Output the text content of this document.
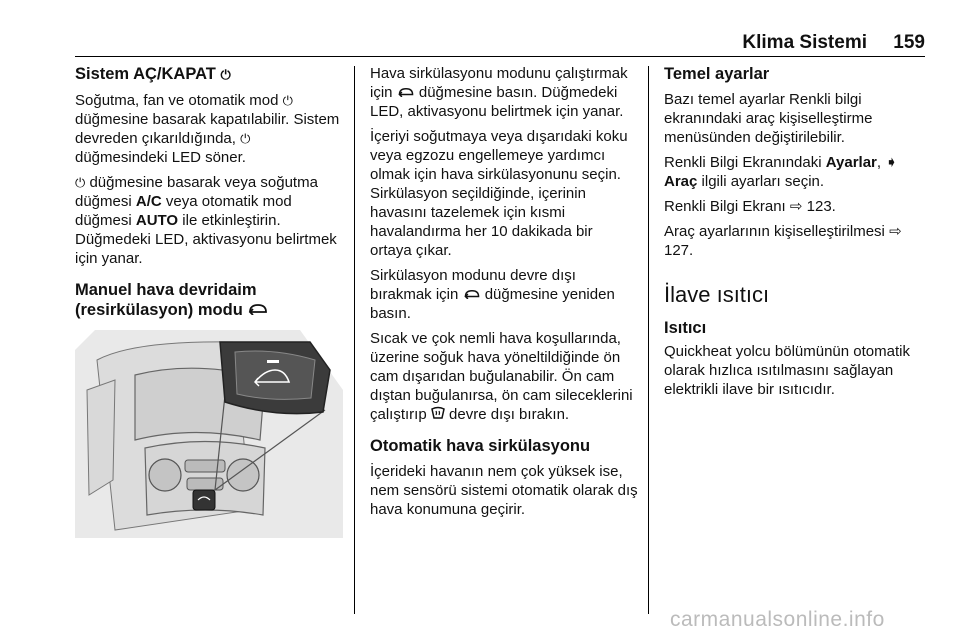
Klima Sistemi 159
Sistem AÇ/KAPAT ⏻

Soğutma, fan ve otomatik mod ⏻ düğmesine basarak kapatılabilir. Sistem devreden çıkarıldığında, ⏻ düğmesindeki LED söner.

⏻ düğmesine basarak veya soğutma düğmesi A/C veya otomatik mod düğmesi AUTO ile etkinleştirin. Düğmedeki LED, aktivasyonu belirtmek için yanar.

Manuel hava devridaim (resirkülasyon) modu

Hava sirkülasyonu modunu çalıştırmak için  düğmesine basın. Düğmedeki LED, aktivasyonu belirtmek için yanar.

İçeriyi soğutmaya veya dışarıdaki koku veya egzozu engellemeye yardımcı olmak için hava sirkülasyonunu seçin. Sirkülasyon seçildiğinde, içerinin havasını tazelemek için kısmi havalandırma her 10 dakikada bir ortaya çıkar.

Sirkülasyon modunu devre dışı bırakmak için  düğmesine yeniden basın.

Sıcak ve çok nemli hava koşullarında, üzerine soğuk hava yöneltildiğinde ön cam dışarıdan buğulanabilir. Ön cam dıştan buğulanırsa, ön cam sileceklerini çalıştırıp  devre dışı bırakın.

Otomatik hava sirkülasyonu

İçerideki havanın nem çok yüksek ise, nem sensörü sistemi otomatik olarak dış hava konumuna geçirir.

Temel ayarlar

Bazı temel ayarlar Renkli bilgi ekranındaki araç kişiselleştirme menüsünden değiştirilebilir.

Renkli Bilgi Ekranındaki Ayarlar, ➧ Araç ilgili ayarları seçin.

Renkli Bilgi Ekranı ⇨ 123.

Araç ayarlarının kişiselleştirilmesi ⇨ 127.

İlave ısıtıcı
Isıtıcı

Quickheat yolcu bölümünün otomatik olarak hızlıca ısıtılmasını sağlayan elektrikli ilave bir ısıtıcıdır.

carmanualsonline.info
